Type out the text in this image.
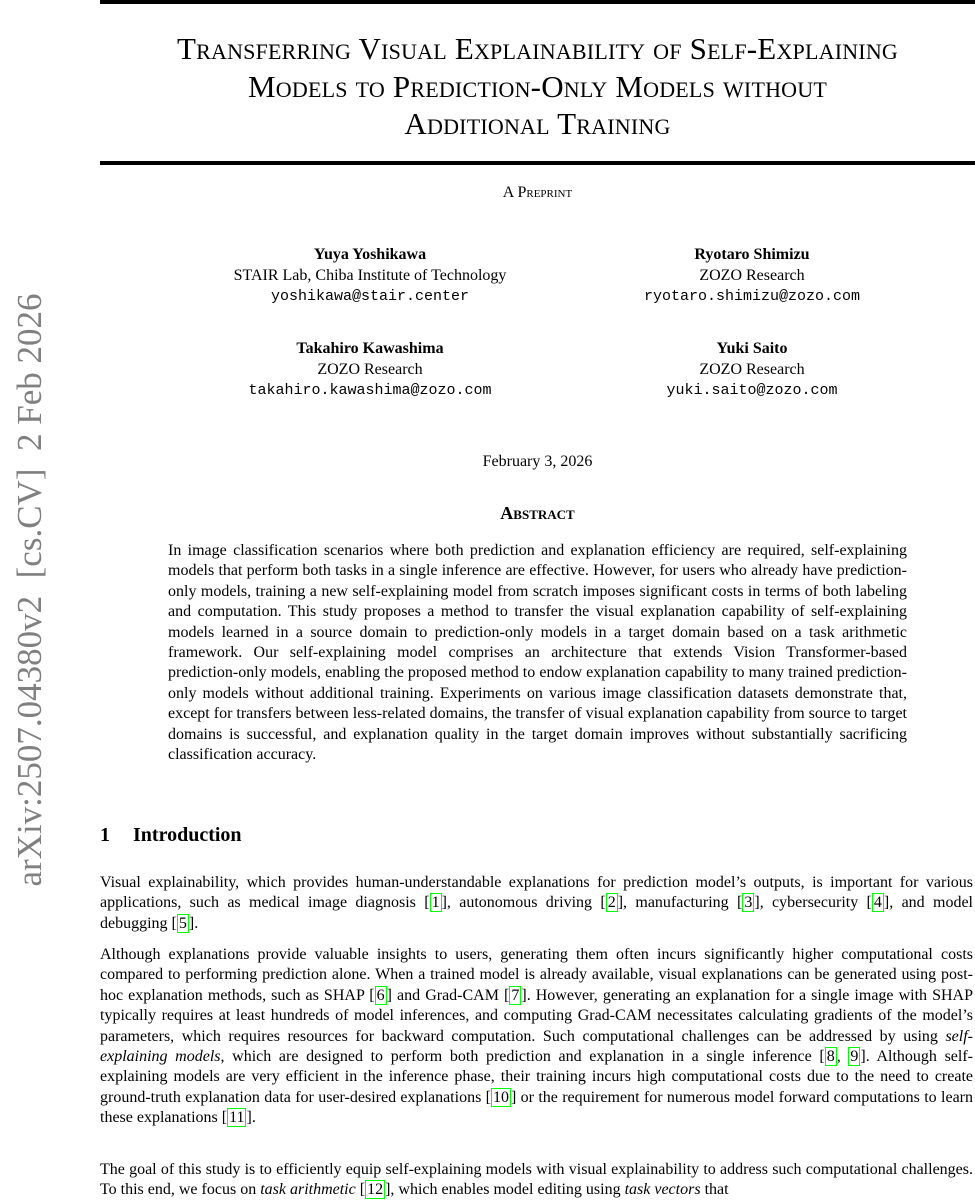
arXiv:2507.04380v2  [cs.CV]  2 Feb 2026
Transferring Visual Explainability of Self-Explaining
Models to Prediction-Only Models without
Additional Training
A Preprint
Yuya Yoshikawa
STAIR Lab, Chiba Institute of Technology
yoshikawa@stair.center
Ryotaro Shimizu
ZOZO Research
ryotaro.shimizu@zozo.com
Takahiro Kawashima
ZOZO Research
takahiro.kawashima@zozo.com
Yuki Saito
ZOZO Research
yuki.saito@zozo.com
February 3, 2026
Abstract

In image classification scenarios where both prediction and explanation efficiency are required, self-explaining models that perform both tasks in a single inference are effective. However, for users who already have prediction-only models, training a new self-explaining model from scratch imposes significant costs in terms of both labeling and computation. This study proposes a method to transfer the visual explanation capability of self-explaining models learned in a source domain to prediction-only models in a target domain based on a task arithmetic framework. Our self-explaining model comprises an architecture that extends Vision Transformer-based prediction-only models, enabling the proposed method to endow explanation capability to many trained prediction-only models without additional training. Experiments on various image classification datasets demonstrate that, except for transfers between less-related domains, the transfer of visual explanation capability from source to target domains is successful, and explanation quality in the target domain improves without substantially sacrificing classification accuracy.

1 Introduction

Visual explainability, which provides human-understandable explanations for prediction model’s outputs, is important for various applications, such as medical image diagnosis [ 1 ], autonomous driving [ 2 ], manufacturing [ 3 ], cybersecurity [ 4 ], and model debugging [ 5 ].

Although explanations provide valuable insights to users, generating them often incurs significantly higher computational costs compared to performing prediction alone. When a trained model is already available, visual explanations can be generated using post-hoc explanation methods, such as SHAP [ 6 ] and Grad-CAM [ 7 ]. However, generating an explanation for a single image with SHAP typically requires at least hundreds of model inferences, and computing Grad-CAM necessitates calculating gradients of the model’s parameters, which requires resources for backward computation. Such computational challenges can be addressed by using self-explaining models, which are designed to perform both prediction and explanation in a single inference [ 8 , 9 ]. Although self-explaining models are very efficient in the inference phase, their training incurs high computational costs due to the need to create ground-truth explanation data for user-desired explanations [ 10 ] or the requirement for numerous model forward computations to learn these explanations [ 11 ].

The goal of this study is to efficiently equip self-explaining models with visual explainability to address such computational challenges. To this end, we focus on task arithmetic [ 12 ], which enables model editing using task vectors that
